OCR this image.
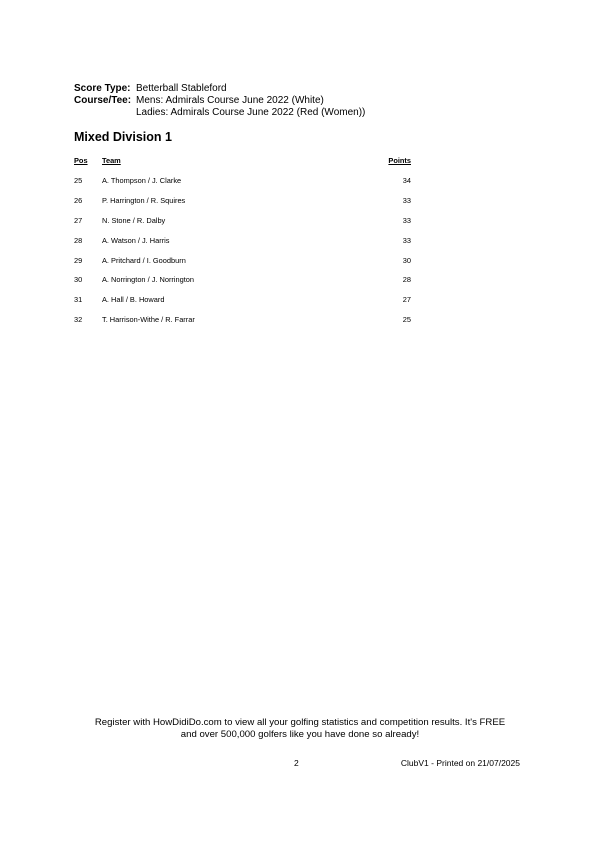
Score Type: Betterball Stableford
Course/Tee: Mens: Admirals Course June 2022 (White)
Ladies: Admirals Course June 2022 (Red (Women))
Mixed Division 1
Pos	Team	Points
25	A. Thompson / J. Clarke	34
26	P. Harrington / R. Squires	33
27	N. Stone / R. Dalby	33
28	A. Watson / J. Harris	33
29	A. Pritchard / I. Goodburn	30
30	A. Norrington / J. Norrington	28
31	A. Hall / B. Howard	27
32	T. Harrison-Withe / R. Farrar	25
Register with HowDidiDo.com to view all your golfing statistics and competition results. It's FREE
and over 500,000 golfers like you have done so already!
2	ClubV1 - Printed on 21/07/2025
